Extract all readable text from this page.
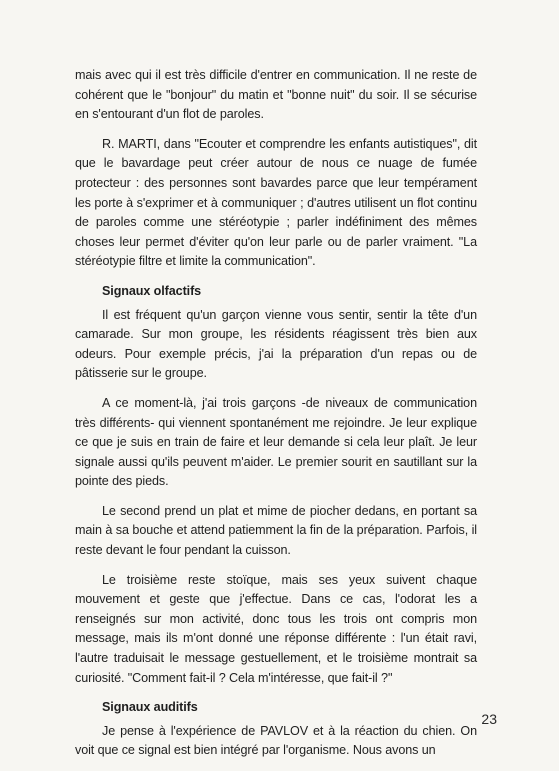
mais avec qui il est très difficile d'entrer en communication. Il ne reste de cohérent que le "bonjour" du matin et "bonne nuit" du soir. Il se sécurise en s'entourant d'un flot de paroles.

R. MARTI, dans "Ecouter et comprendre les enfants autistiques", dit que le bavardage peut créer autour de nous ce nuage de fumée protecteur : des personnes sont bavardes parce que leur tempérament les porte à s'exprimer et à communiquer ; d'autres utilisent un flot continu de paroles comme une stéréotypie ; parler indéfiniment des mêmes choses leur permet d'éviter qu'on leur parle ou de parler vraiment. "La stéréotypie filtre et limite la communication".

Signaux olfactifs

Il est fréquent qu'un garçon vienne vous sentir, sentir la tête d'un camarade. Sur mon groupe, les résidents réagissent très bien aux odeurs. Pour exemple précis, j'ai la préparation d'un repas ou de pâtisserie sur le groupe.

A ce moment-là, j'ai trois garçons -de niveaux de communication très différents- qui viennent spontanément me rejoindre. Je leur explique ce que je suis en train de faire et leur demande si cela leur plaît. Je leur signale aussi qu'ils peuvent m'aider. Le premier sourit en sautillant sur la pointe des pieds.

Le second prend un plat et mime de piocher dedans, en portant sa main à sa bouche et attend patiemment la fin de la préparation. Parfois, il reste devant le four pendant la cuisson.

Le troisième reste stoïque, mais ses yeux suivent chaque mouvement et geste que j'effectue. Dans ce cas, l'odorat les a renseignés sur mon activité, donc tous les trois ont compris mon message, mais ils m'ont donné une réponse différente : l'un était ravi, l'autre traduisait le message gestuellement, et le troisième montrait sa curiosité. "Comment fait-il ? Cela m'intéresse, que fait-il ?"

Signaux auditifs

Je pense à l'expérience de PAVLOV et à la réaction du chien. On voit que ce signal est bien intégré par l'organisme. Nous avons un

23
